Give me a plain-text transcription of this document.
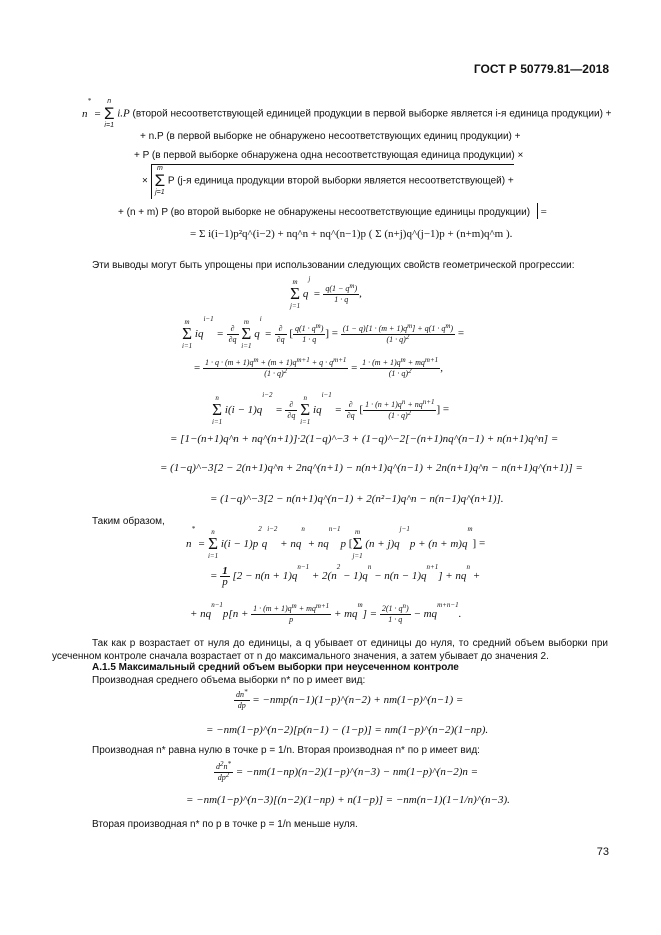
ГОСТ Р 50779.81—2018
n* =
n
Σ
i=1
i.P (второй несоответствующей единицей продукции в первой выборке является i-я единица продукции) +
+ n.P (в первой выборке не обнаружено несоответствующих единиц продукции) +
+ P (в первой выборке обнаружена одна несоответствующая единица продукции) ×
×
m
Σ
j=1
P (j-я единица продукции второй выборки является несоответствующей) +
+ (n + m) P (во второй выборке не обнаружены несоответствующие единицы продукции)  =
= Σ i(i−1)p²q^(i−2) + nq^n + nq^(n−1)p ( Σ (n+j)q^(j−1)p + (n+m)q^m ).
Эти выводы могут быть упрощены при использовании следующих свойств геометрической прогрессии:
m
Σ
j=1
$q^j = \frac{q(1 - q^m)}{1 \cdot q}$ ,
m
Σ
i=1
$iq^{i-1}$ = ∂
∂q

m
Σ
i=1
$q^i$ = ∂
∂q [ $\frac{q(1 \cdot q^m)}{1 \cdot q}$ ] = $\frac{(1 - q)[1 \cdot (m + 1)q^m] + q(1 \cdot q^m)}{(1 \cdot q)^2}$ =
= $\frac{1 \cdot q \cdot (m + 1)q^m + (m + 1)q^{m+1} + q \cdot q^{m+1}}{(1 \cdot q)^2} = 1 \cdot (m + 1)q^m + mq^{m+1}$
$(1 \cdot q)^2$	,
n
Σ
i=1
$i(i - 1)q^{i-2}$ = ∂
∂q

n
Σ
i=1
$iq^{i-1}$ = ∂
∂q [ $1 \cdot (n + 1)q^n + nq^{n+1}$
$(1 \cdot q)^2$	] =
= [1−(n+1)q^n + nq^(n+1)]·2(1−q)^−3 + (1−q)^−2[−(n+1)nq^(n−1) + n(n+1)q^n] =
= (1−q)^−3[2 − 2(n+1)q^n + 2nq^(n+1) − n(n+1)q^(n−1) + 2n(n+1)q^n − n(n+1)q^(n+1)] =
= (1−q)^−3[2 − n(n+1)q^(n−1) + 2(n²−1)q^n − n(n−1)q^(n+1)].
Таким образом,
n* =
n
Σ
i=1
$i(i - 1)p^2q^{i-2} + nq^n + nq^{n-1}p$ [
m
Σ
j=1
$(n + j)q^{j-1}p + (n + m)q^m$] =
= $\frac{1}{p} [2 - n(n + 1)q^{n-1} + 2(n^2 - 1)q^n - n(n - 1)q^{n+1}] + nq^n$ +
+ $nq^{n-1}p[n + 1 \cdot (m + 1)q^m + mq^{m+1}$
p	+ $mq^m] = \frac{2(1 \cdot q^n)}{1 \cdot q} - mq^{m+n-1}$.
Так как p возрастает от нуля до единицы, а q убывает от единицы до нуля, то средний объем выборки при усеченном контроле сначала возрастает от n до максимального значения, а затем убывает до значения 2.
А.1.5 Максимальный средний объем выборки при неусеченном контроле
Производная среднего объема выборки n* по p имеет вид:
$\frac{dn^*}{dp}$ = −nmp(n−1)(1−p)^(n−2) + nm(1−p)^(n−1) =
= −nm(1−p)^(n−2)[p(n−1) − (1−p)] = nm(1−p)^(n−2)(1−np).
Производная n* равна нулю в точке p = 1/n. Вторая производная n* по p имеет вид:
$\frac{d^2n^*}{dp^2}$ = −nm(1−np)(n−2)(1−p)^(n−3) − nm(1−p)^(n−2)n =
= −nm(1−p)^(n−3)[(n−2)(1−np) + n(1−p)] = −nm(n−1)(1−1/n)^(n−3).
Вторая производная n* по p в точке p = 1/n меньше нуля.
73
